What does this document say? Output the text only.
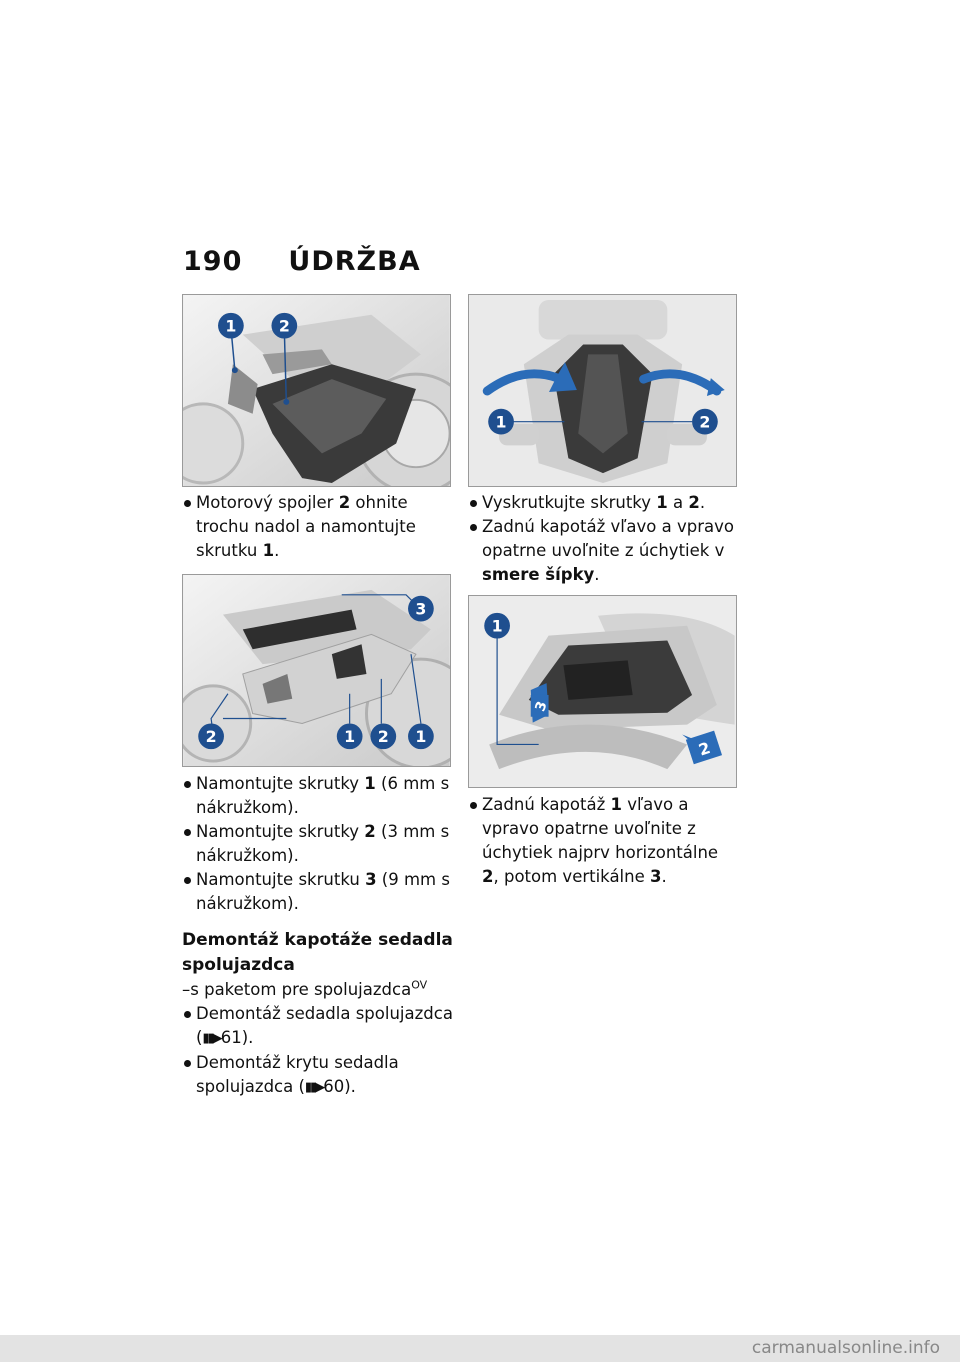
190 ÚDRŽBA
1	2
3
2	1 2 1
1	2
1
2
3
Motorový spojler 2 ohnite trochu nadol a namontujte skrutku 1.
Namontujte skrutky 1 (6 mm s nákružkom).
Namontujte skrutky 2 (3 mm s nákružkom).
Namontujte skrutku 3 (9 mm s nákružkom).
Demontáž kapotáže sedadla spolujazdca
–s paketom pre spolujazdca$^{OV}$
Demontáž sedadla spolujazdca (▮▮▶61).
Demontáž krytu sedadla spolujazdca (▮▮▶60).
Vyskrutkujte skrutky 1 a 2.
Zadnú kapotáž vľavo a vpravo opatrne uvoľnite z úchytiek v smere šípky.
Zadnú kapotáž 1 vľavo a vpravo opatrne uvoľnite z úchytiek najprv horizontálne 2, potom vertikálne 3.
carmanualsonline.info
